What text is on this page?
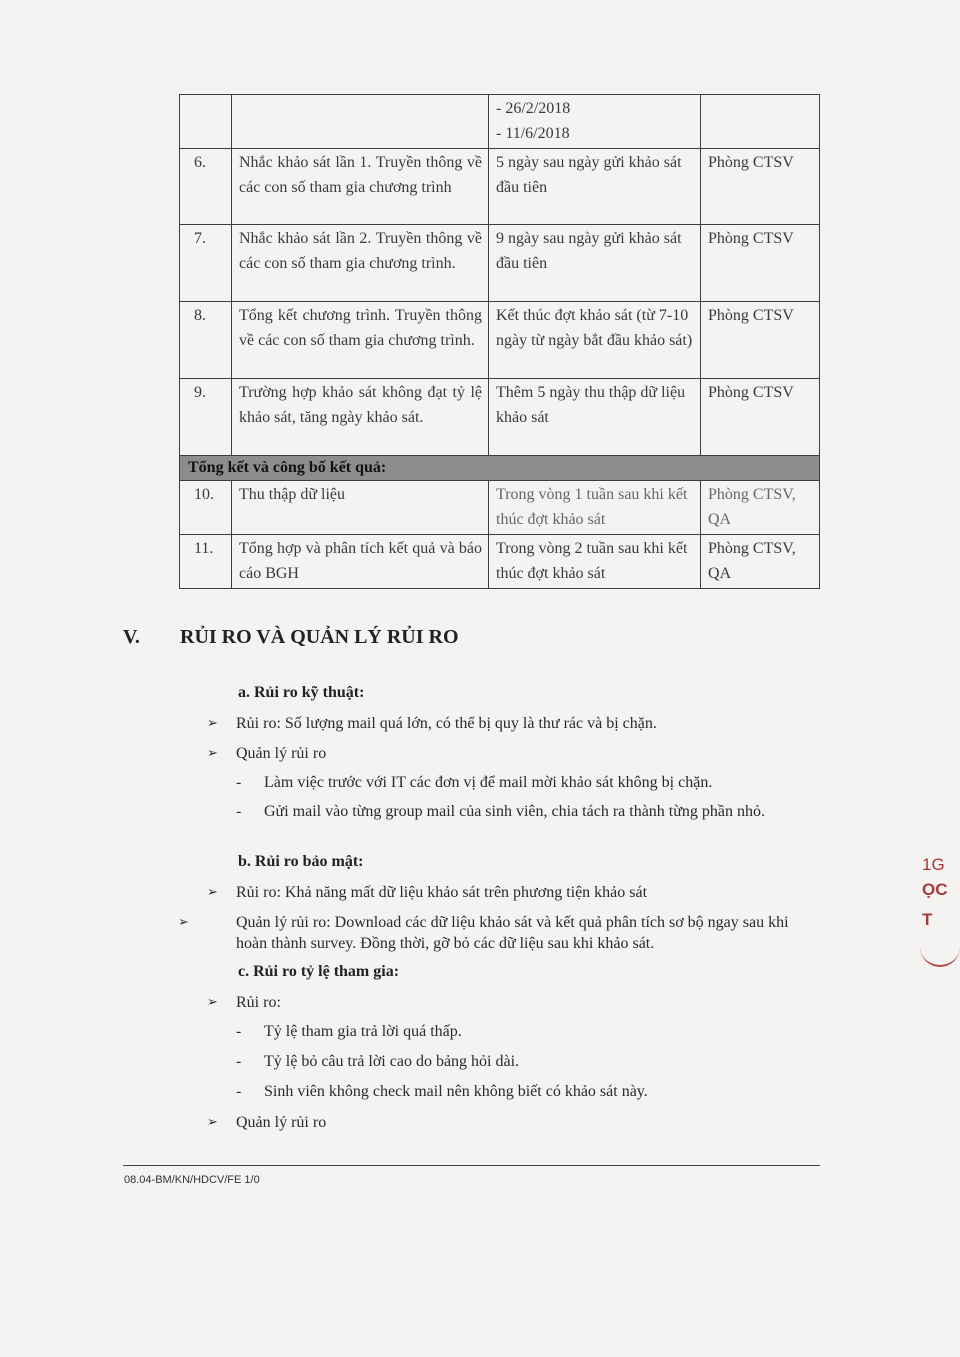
		- 26/2/2018
- 11/6/2018	

6.	Nhắc khảo sát lần 1. Truyền thông về các con số tham gia chương trình	5 ngày sau ngày gửi khảo sát đầu tiên	Phòng CTSV
7.	Nhắc khảo sát lần 2. Truyền thông về các con số tham gia chương trình.	9 ngày sau ngày gửi khảo sát đầu tiên	Phòng CTSV
8.	Tổng kết chương trình. Truyền thông về các con số tham gia chương trình.	Kết thúc đợt khảo sát (từ 7-10 ngày từ ngày bắt đầu khảo sát)	Phòng CTSV
9.	Trường hợp khảo sát không đạt tỷ lệ khảo sát, tăng ngày khảo sát.	Thêm 5 ngày thu thập dữ liệu khảo sát	Phòng CTSV
Tổng kết và công bố kết quả:			
10.	Thu thập dữ liệu	Trong vòng 1 tuần sau khi kết thúc đợt khảo sát	Phòng CTSV, QA
11.	Tổng hợp và phân tích kết quả và báo cáo BGH	Trong vòng 2 tuần sau khi kết thúc đợt khảo sát	Phòng CTSV, QA
V. RỦI RO VÀ QUẢN LÝ RỦI RO
a. Rủi ro kỹ thuật:
➢ Rủi ro: Số lượng mail quá lớn, có thể bị quy là thư rác và bị chặn.
➢ Quản lý rủi ro
- Làm việc trước với IT các đơn vị để mail mời khảo sát không bị chặn.
- Gửi mail vào từng group mail của sinh viên, chia tách ra thành từng phần nhỏ.
b. Rủi ro bảo mật:
➢ Rủi ro: Khả năng mất dữ liệu khảo sát trên phương tiện khảo sát
➢	Quản lý rủi ro: Download các dữ liệu khảo sát và kết quả phân tích sơ bộ ngay sau khi hoàn thành survey. Đồng thời, gỡ bỏ các dữ liệu sau khi khảo sát.
c. Rủi ro tỷ lệ tham gia:
➢ Rủi ro:
- Tỷ lệ tham gia trả lời quá thấp.
- Tỷ lệ bỏ câu trả lời cao do bảng hỏi dài.
- Sinh viên không check mail nên không biết có khảo sát này.
➢ Quản lý rủi ro
08.04-BM/KN/HDCV/FE 1/0
1G
ỌC
T
